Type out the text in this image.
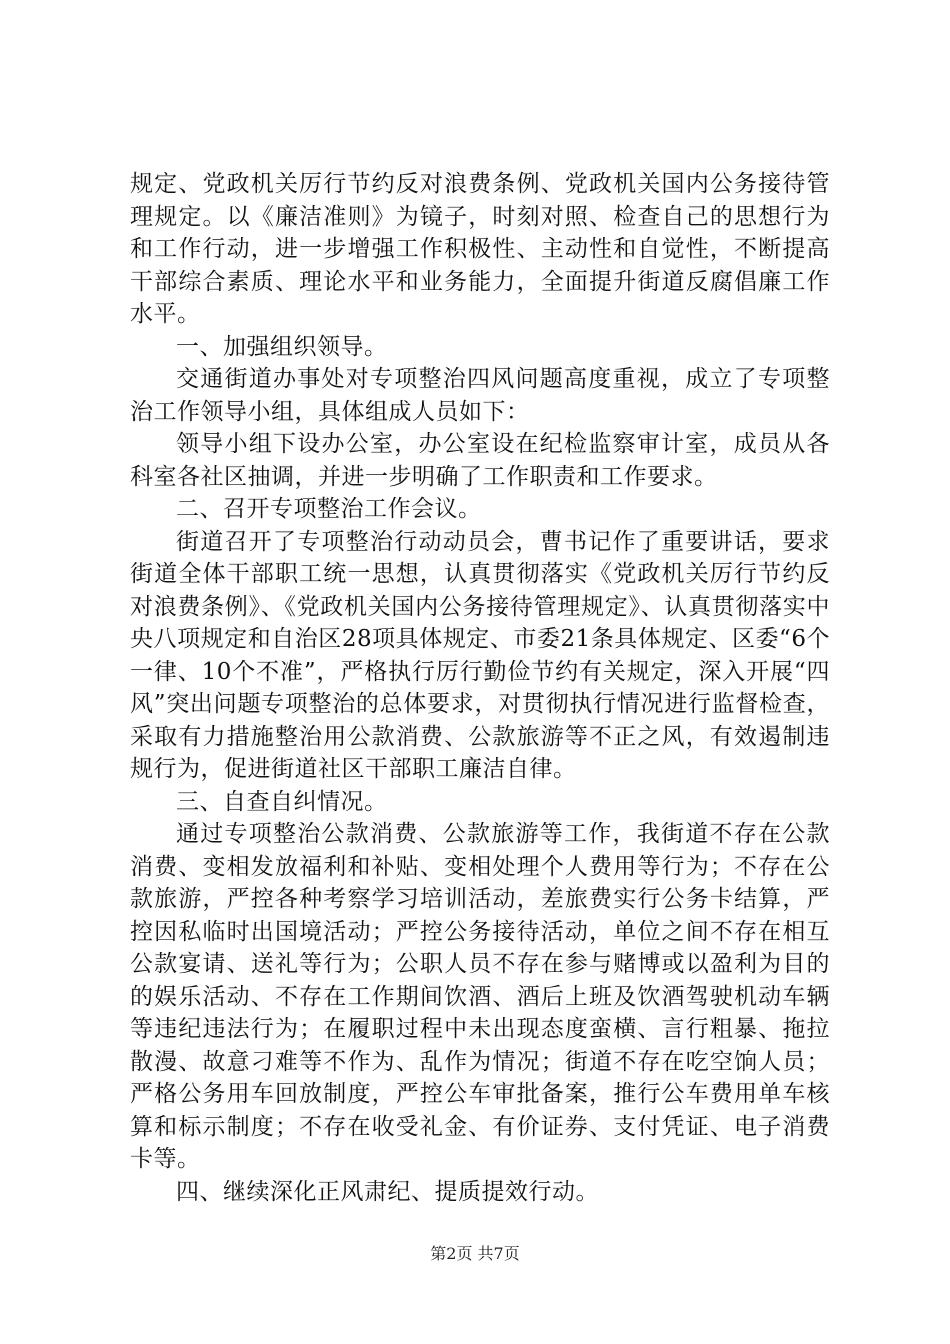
规定、党政机关厉行节约反对浪费条例、党政机关国内公务接待管理规定。以《廉洁准则》为镜子，时刻对照、检查自己的思想行为和工作行动，进一步增强工作积极性、主动性和自觉性，不断提高干部综合素质、理论水平和业务能力，全面提升街道反腐倡廉工作水平。

一、加强组织领导。

交通街道办事处对专项整治四风问题高度重视，成立了专项整治工作领导小组，具体组成人员如下：

领导小组下设办公室，办公室设在纪检监察审计室，成员从各科室各社区抽调，并进一步明确了工作职责和工作要求。

二、召开专项整治工作会议。

街道召开了专项整治行动动员会，曹书记作了重要讲话，要求街道全体干部职工统一思想，认真贯彻落实《党政机关厉行节约反对浪费条例》、《党政机关国内公务接待管理规定》、认真贯彻落实中央八项规定和自治区28项具体规定、市委21条具体规定、区委“6个一律、10个不准”，严格执行厉行勤俭节约有关规定，深入开展“四风”突出问题专项整治的总体要求，对贯彻执行情况进行监督检查，采取有力措施整治用公款消费、公款旅游等不正之风，有效遏制违规行为，促进街道社区干部职工廉洁自律。

三、自查自纠情况。

通过专项整治公款消费、公款旅游等工作，我街道不存在公款消费、变相发放福利和补贴、变相处理个人费用等行为；不存在公款旅游，严控各种考察学习培训活动，差旅费实行公务卡结算，严控因私临时出国境活动；严控公务接待活动，单位之间不存在相互公款宴请、送礼等行为；公职人员不存在参与赌博或以盈利为目的的娱乐活动、不存在工作期间饮酒、酒后上班及饮酒驾驶机动车辆等违纪违法行为；在履职过程中未出现态度蛮横、言行粗暴、拖拉散漫、故意刁难等不作为、乱作为情况；街道不存在吃空饷人员；严格公务用车回放制度，严控公车审批备案，推行公车费用单车核算和标示制度；不存在收受礼金、有价证券、支付凭证、电子消费卡等。

四、继续深化正风肃纪、提质提效行动。

第2页 共7页
